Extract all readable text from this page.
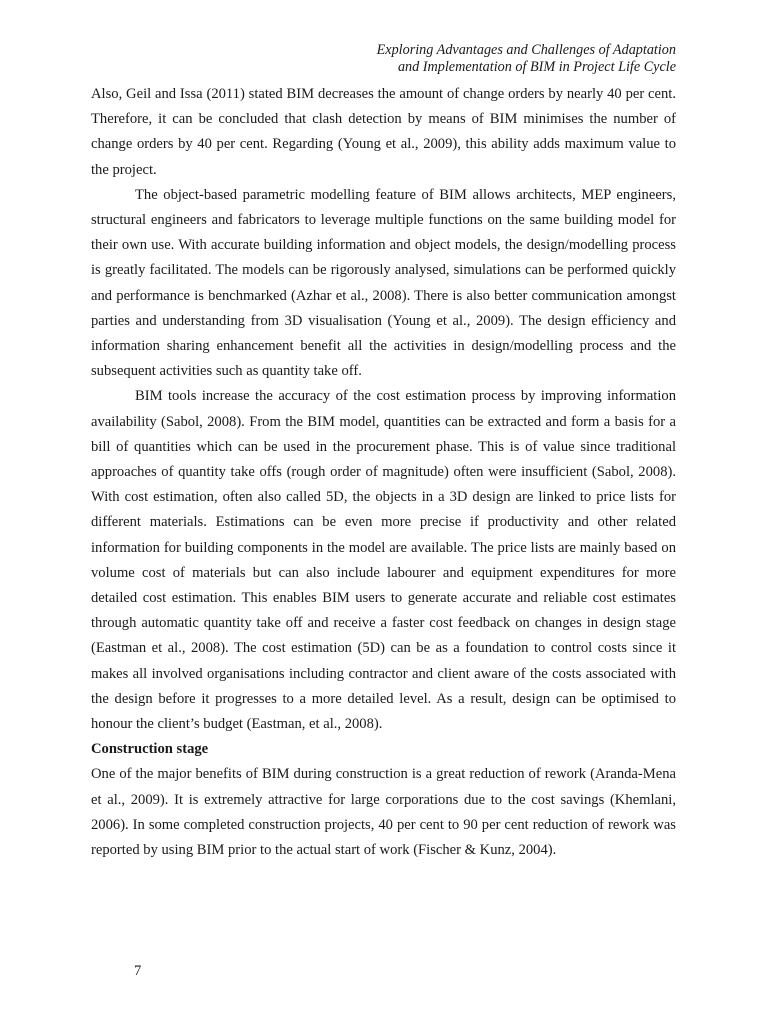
Exploring Advantages and Challenges of Adaptation
and Implementation of BIM in Project Life Cycle

Also, Geil and Issa (2011) stated BIM decreases the amount of change orders by nearly 40 per cent. Therefore, it can be concluded that clash detection by means of BIM minimises the number of change orders by 40 per cent. Regarding (Young et al., 2009), this ability adds maximum value to the project.

The object-based parametric modelling feature of BIM allows architects, MEP engineers, structural engineers and fabricators to leverage multiple functions on the same building model for their own use. With accurate building information and object models, the design/modelling process is greatly facilitated. The models can be rigorously analysed, simulations can be performed quickly and performance is benchmarked (Azhar et al., 2008). There is also better communication amongst parties and understanding from 3D visualisation (Young et al., 2009). The design efficiency and information sharing enhancement benefit all the activities in design/modelling process and the subsequent activities such as quantity take off.

BIM tools increase the accuracy of the cost estimation process by improving information availability (Sabol, 2008). From the BIM model, quantities can be extracted and form a basis for a bill of quantities which can be used in the procurement phase. This is of value since traditional approaches of quantity take offs (rough order of magnitude) often were insufficient (Sabol, 2008). With cost estimation, often also called 5D, the objects in a 3D design are linked to price lists for different materials. Estimations can be even more precise if productivity and other related information for building components in the model are available. The price lists are mainly based on volume cost of materials but can also include labourer and equipment expenditures for more detailed cost estimation. This enables BIM users to generate accurate and reliable cost estimates through automatic quantity take off and receive a faster cost feedback on changes in design stage (Eastman et al., 2008). The cost estimation (5D) can be as a foundation to control costs since it makes all involved organisations including contractor and client aware of the costs associated with the design before it progresses to a more detailed level. As a result, design can be optimised to honour the client’s budget (Eastman, et al., 2008).

Construction stage

One of the major benefits of BIM during construction is a great reduction of rework (Aranda-Mena et al., 2009). It is extremely attractive for large corporations due to the cost savings (Khemlani, 2006). In some completed construction projects, 40 per cent to 90 per cent reduction of rework was reported by using BIM prior to the actual start of work (Fischer & Kunz, 2004).

7
